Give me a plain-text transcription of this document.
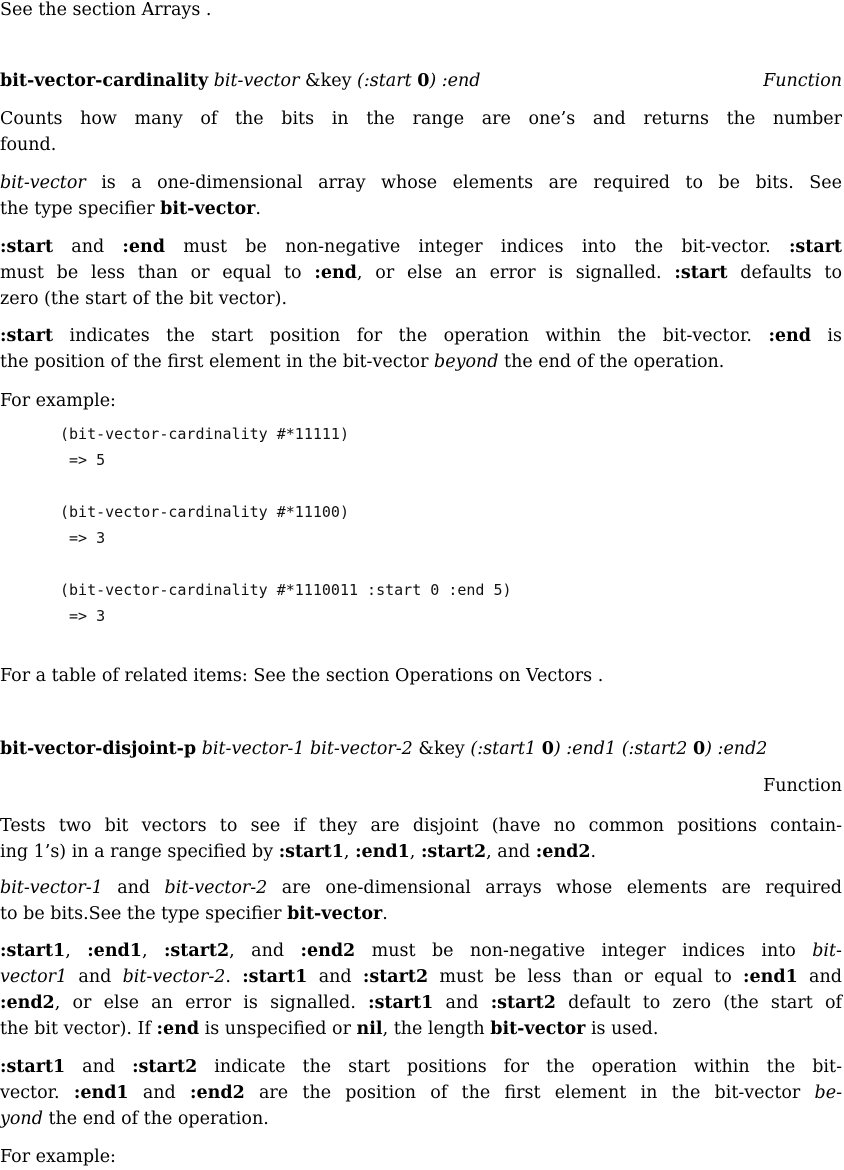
See the section Arrays .
bit-vector-cardinality bit-vector &key (:start 0) :end	Function
Counts how many of the bits in the range are one’s and returns the number
found.
bit-vector is a one-dimensional array whose elements are required to be bits. See
the type specifier bit-vector.
:start and :end must be non-negative integer indices into the bit-vector. :start
must be less than or equal to :end, or else an error is signalled. :start defaults to
zero (the start of the bit vector).
:start indicates the start position for the operation within the bit-vector. :end is
the position of the first element in the bit-vector beyond the end of the operation.
For example:
(bit-vector-cardinality #*11111)
=> 5
(bit-vector-cardinality #*11100)
=> 3
(bit-vector-cardinality #*1110011 :start 0 :end 5)
=> 3
For a table of related items: See the section Operations on Vectors .
bit-vector-disjoint-p bit-vector-1 bit-vector-2 &key (:start1 0) :end1 (:start2 0) :end2
Function
Tests two bit vectors to see if they are disjoint (have no common positions contain-
ing 1’s) in a range specified by :start1, :end1, :start2, and :end2.
bit-vector-1 and bit-vector-2 are one-dimensional arrays whose elements are required
to be bits.See the type specifier bit-vector.
:start1, :end1, :start2, and :end2 must be non-negative integer indices into bit-
vector1 and bit-vector-2. :start1 and :start2 must be less than or equal to :end1 and
:end2, or else an error is signalled. :start1 and :start2 default to zero (the start of
the bit vector). If :end is unspecified or nil, the length bit-vector is used.
:start1 and :start2 indicate the start positions for the operation within the bit-
vector. :end1 and :end2 are the position of the first element in the bit-vector be-
yond the end of the operation.
For example:
